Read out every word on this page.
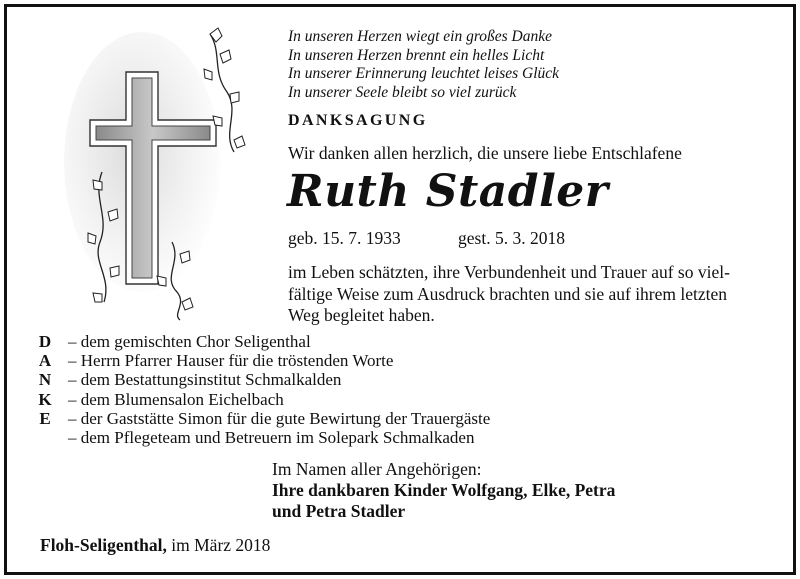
In unseren Herzen wiegt ein großes Danke
In unseren Herzen brennt ein helles Licht
In unserer Erinnerung leuchtet leises Glück
In unserer Seele bleibt so viel zurück
DANKSAGUNG
Wir danken allen herzlich, die unsere liebe Entschlafene
Ruth Stadler
geb. 15. 7. 1933	gest. 5. 3. 2018
im Leben schätzten, ihre Verbundenheit und Trauer auf so viel-
fältige Weise zum Ausdruck brachten und sie auf ihrem letzten
Weg begleitet haben.
D
A
N
K
E
– dem gemischten Chor Seligenthal
– Herrn Pfarrer Hauser für die tröstenden Worte
– dem Bestattungsinstitut Schmalkalden
– dem Blumensalon Eichelbach
– der Gaststätte Simon für die gute Bewirtung der Trauergäste
– dem Pflegeteam und Betreuern im Solepark Schmalkaden
Im Namen aller Angehörigen:
Ihre dankbaren Kinder Wolfgang, Elke, Petra
und Petra Stadler
Floh-Seligenthal, im März 2018
